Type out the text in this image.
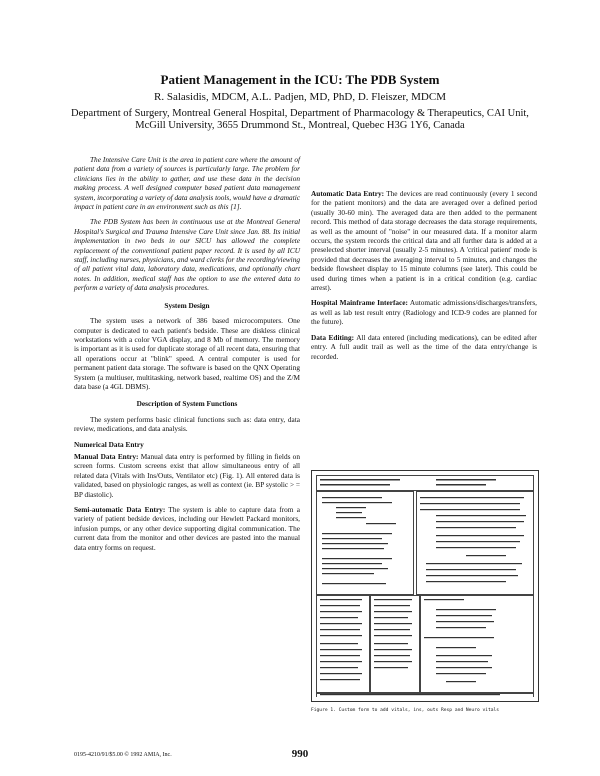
Patient Management in the ICU: The PDB System
R. Salasidis, MDCM, A.L. Padjen, MD, PhD, D. Fleiszer, MDCM
Department of Surgery, Montreal General Hospital, Department of Pharmacology & Therapeutics, CAI Unit, McGill University, 3655 Drummond St., Montreal, Quebec H3G 1Y6, Canada

The Intensive Care Unit is the area in patient care where the amount of patient data from a variety of sources is particularly large. The problem for clinicians lies in the ability to gather, and use these data in the decision making process. A well designed computer based patient data management system, incorporating a variety of data analysis tools, would have a dramatic impact in patient care in an environment such as this [1].

The PDB System has been in continuous use at the Montreal General Hospital's Surgical and Trauma Intensive Care Unit since Jan. 88. Its initial implementation in two beds in our SICU has allowed the complete replacement of the conventional patient paper record. It is used by all ICU staff, including nurses, physicians, and ward clerks for the recording/viewing of all patient vital data, laboratory data, medications, and optionally chart notes. In addition, medical staff has the option to use the entered data to perform a variety of data analysis procedures.

System Design

The system uses a network of 386 based microcomputers. One computer is dedicated to each patient's bedside. These are diskless clinical workstations with a color VGA display, and 8 Mb of memory. The memory is important as it is used for duplicate storage of all recent data, ensuring that all operations occur at "blink" speed. A central computer is used for permanent patient data storage. The software is based on the QNX Operating System (a multiuser, multitasking, network based, realtime OS) and the Z/M data base (a 4GL DBMS).

Description of System Functions

The system performs basic clinical functions such as: data entry, data review, medications, and data analysis.

Numerical Data Entry

Manual Data Entry: Manual data entry is performed by filling in fields on screen forms. Custom screens exist that allow simultaneous entry of all related data (Vitals with Ins/Outs, Ventilator etc) (Fig. 1). All entered data is validated, based on physiologic ranges, as well as context (ie. BP systolic > = BP diastolic).

Semi-automatic Data Entry: The system is able to capture data from a variety of patient bedside devices, including our Hewlett Packard monitors, infusion pumps, or any other device supporting digital communication. The current data from the monitor and other devices are pasted into the manual data entry forms on request.

Automatic Data Entry: The devices are read continuously (every 1 second for the patient monitors) and the data are averaged over a defined period (usually 30-60 min). The averaged data are then added to the permanent record. This method of data storage decreases the data storage requirements, as well as the amount of "noise" in our measured data. If a monitor alarm occurs, the system records the critical data and all further data is added at a preselected shorter interval (usually 2-5 minutes). A 'critical patient' mode is provided that decreases the averaging interval to 5 minutes, and changes the bedside flowsheet display to 15 minute columns (see later). This could be used during times when a patient is in a critical condition (e.g. cardiac arrest).

Hospital Mainframe Interface: Automatic admissions/discharges/transfers, as well as lab test result entry (Radiology and ICD-9 codes are planned for the future).

Data Editing: All data entered (including medications), can be edited after entry. A full audit trail as well as the time of the data entry/change is recorded.

Figure 1. Custom form to add vitals, ins, outs Resp and Neuro vitals
0195-4210/91/$5.00 © 1992 AMIA, Inc.	990
